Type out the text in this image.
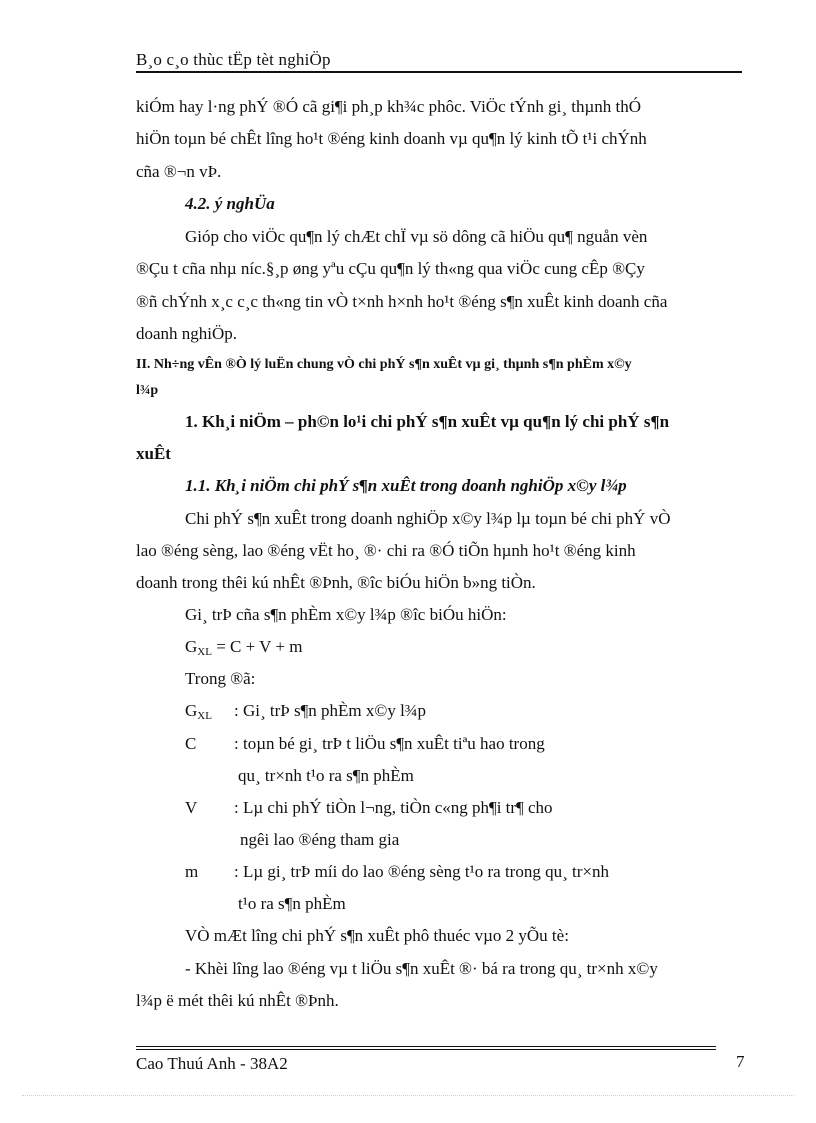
B¸o c¸o thùc tËp tèt nghiÖp
kiÓm hay l·ng phÝ ®Ó cã gi¶i ph¸p kh¾c phôc. ViÖc tÝnh gi¸ thµnh thÓ
hiÖn toµn bé chÊt lîng ho¹t ®éng kinh doanh vµ qu¶n lý kinh tÕ t¹i chÝnh
cña ®¬n vÞ.
4.2. ý nghÜa
Gióp cho viÖc qu¶n lý chÆt chÏ vµ sö dông cã hiÖu qu¶ nguån vèn
®Çu t cña nhµ níc.§¸p øng yªu cÇu qu¶n lý th«ng qua viÖc cung cÊp ®Çy
®ñ chÝnh x¸c c¸c th«ng tin vÒ t×nh h×nh ho¹t ®éng s¶n xuÊt kinh doanh cña
doanh nghiÖp.
II. Nh÷ng vÊn ®Ò lý luËn chung vÒ chi phÝ s¶n xuÊt vµ gi¸ thµnh s¶n phÈm x©y
l¾p
1. Kh¸i niÖm – ph©n lo¹i chi phÝ s¶n xuÊt vµ qu¶n lý chi phÝ s¶n
xuÊt
1.1. Kh¸i niÖm chi phÝ s¶n xuÊt trong doanh nghiÖp x©y l¾p
Chi phÝ s¶n xuÊt trong doanh nghiÖp x©y l¾p lµ toµn bé chi phÝ vÒ
lao ®éng sèng, lao ®éng vËt ho¸ ®· chi ra ®Ó tiÕn hµnh ho¹t ®éng kinh
doanh trong thêi kú nhÊt ®Þnh, ®îc biÓu hiÖn b»ng tiÒn.
Gi¸ trÞ cña s¶n phÈm x©y l¾p ®îc biÓu hiÖn:
$G_{XL} = C + V + m$
Trong ®ã:
$G_{XL}$ : Gi¸ trÞ s¶n phÈm x©y l¾p
C : toµn bé gi¸ trÞ t liÖu s¶n xuÊt tiªu hao trong
qu¸ tr×nh t¹o ra s¶n phÈm
V : Lµ chi phÝ tiÒn l¬ng, tiÒn c«ng ph¶i tr¶ cho
ngêi lao ®éng tham gia
m : Lµ gi¸ trÞ míi do lao ®éng sèng t¹o ra trong qu¸ tr×nh
t¹o ra s¶n phÈm
VÒ mÆt lîng chi phÝ s¶n xuÊt phô thuéc vµo 2 yÕu tè:
- Khèi lîng lao ®éng vµ t liÖu s¶n xuÊt ®· bá ra trong qu¸ tr×nh x©y
l¾p ë mét thêi kú nhÊt ®Þnh.
Cao Thuú Anh - 38A2	7
